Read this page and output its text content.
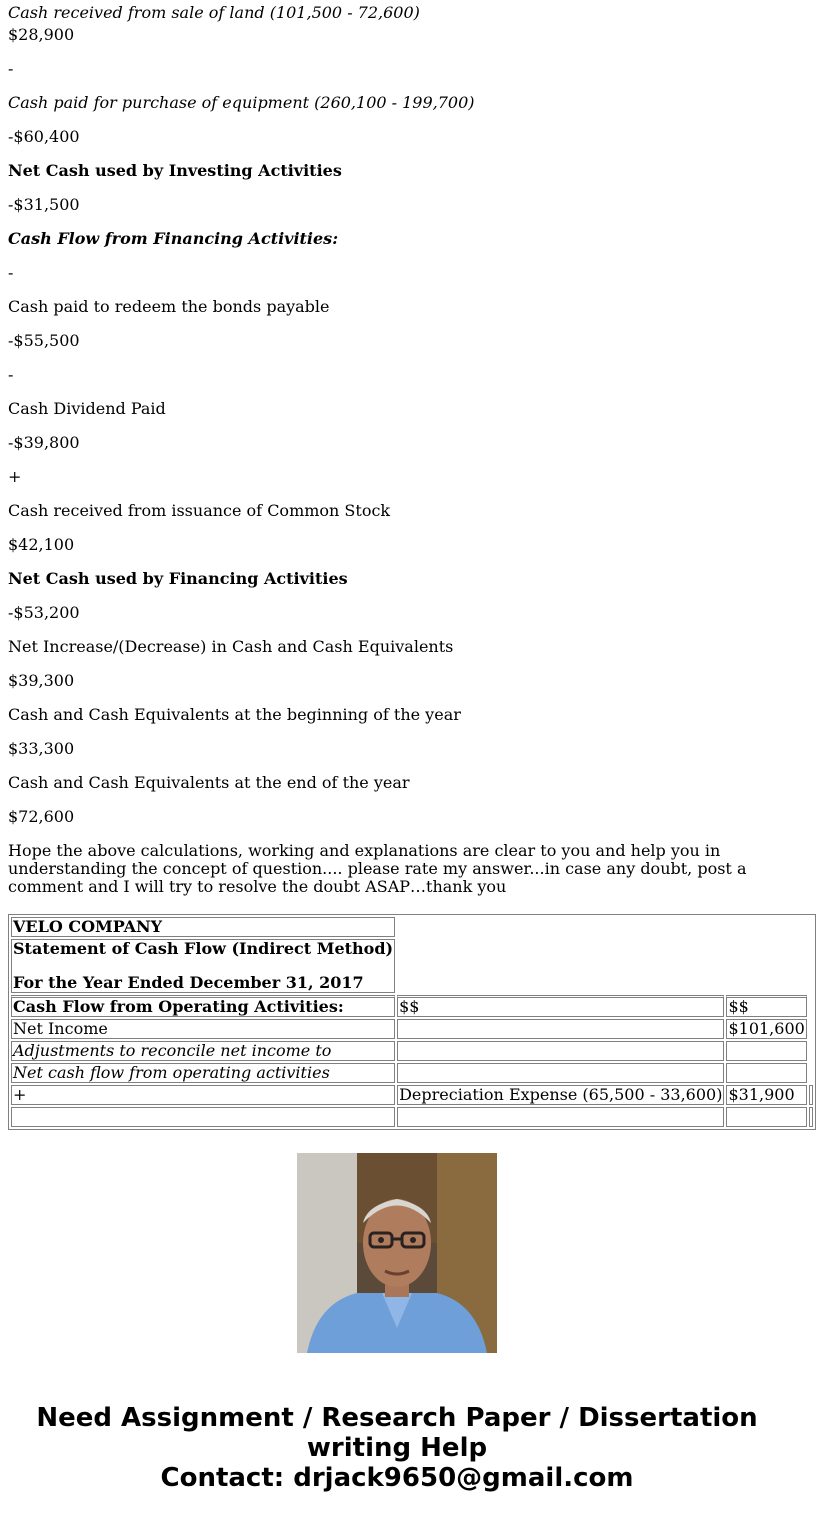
Cash received from sale of land (101,500 - 72,600)

$28,900

-

Cash paid for purchase of equipment (260,100 - 199,700)

-$60,400

Net Cash used by Investing Activities

-$31,500

Cash Flow from Financing Activities:

-

Cash paid to redeem the bonds payable

-$55,500

-

Cash Dividend Paid

-$39,800

+

Cash received from issuance of Common Stock

$42,100

Net Cash used by Financing Activities

-$53,200

Net Increase/(Decrease) in Cash and Cash Equivalents

$39,300

Cash and Cash Equivalents at the beginning of the year

$33,300

Cash and Cash Equivalents at the end of the year

$72,600

Hope the above calculations, working and explanations are clear to you and help you in understanding the concept of question.... please rate my answer...in case any doubt, post a comment and I will try to resolve the doubt ASAP…thank you

VELO COMPANY			

Statement of Cash Flow (Indirect Method)
For the Year Ended December 31, 2017			

Cash Flow from Operating Activities:	$$	$$	
Net Income		$101,600	
Adjustments to reconcile net income to			
Net cash flow from operating activities			
+	Depreciation Expense (65,500 - 33,600)	$31,900	

Need Assignment / Research Paper / Dissertation writing Help
Contact: drjack9650@gmail.com
